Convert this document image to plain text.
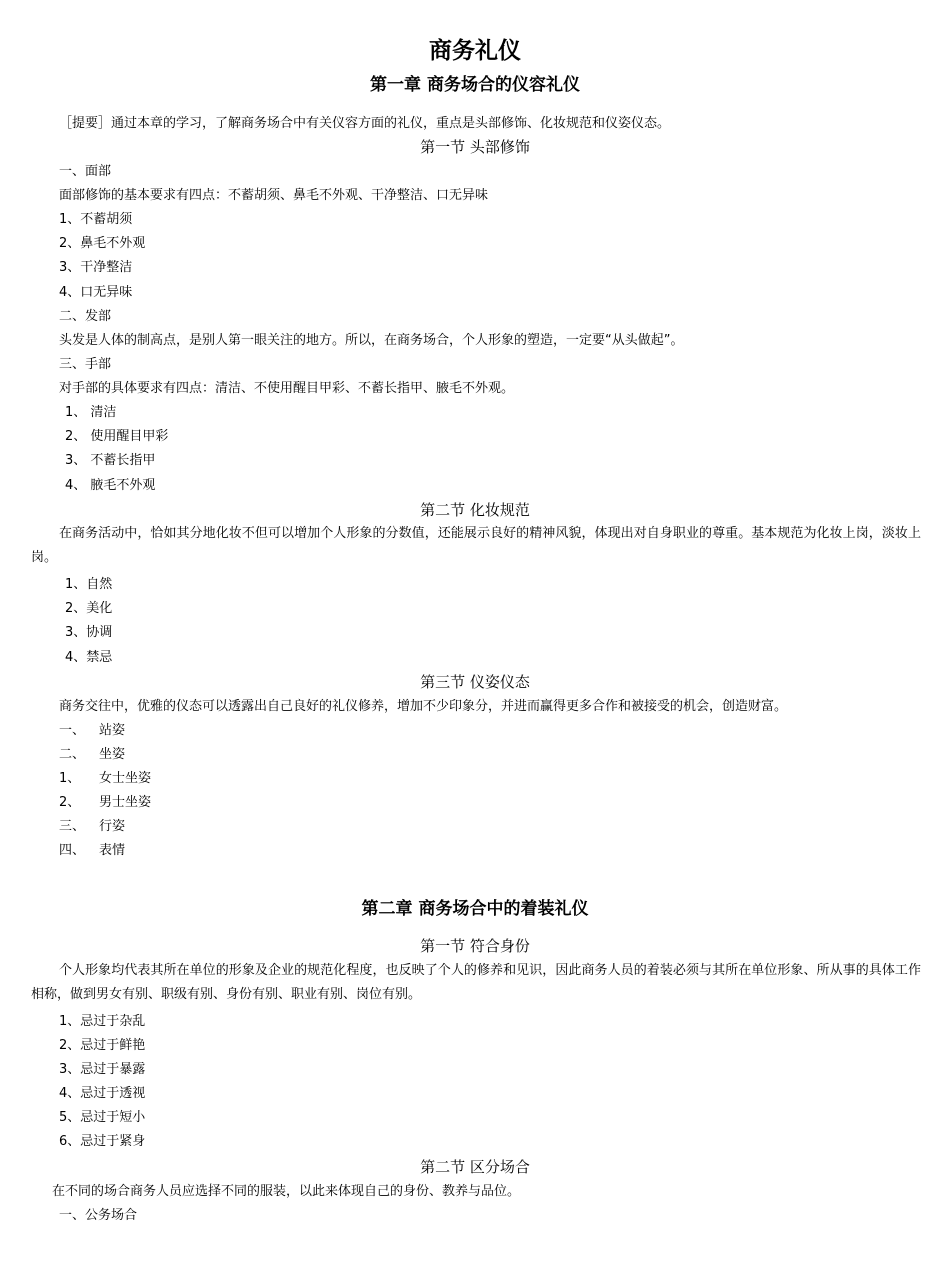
商务礼仪
第一章 商务场合的仪容礼仪
［提要］通过本章的学习，了解商务场合中有关仪容方面的礼仪，重点是头部修饰、化妆规范和仪姿仪态。
第一节 头部修饰
一、面部
面部修饰的基本要求有四点：不蓄胡须、鼻毛不外观、干净整洁、口无异味
1、不蓄胡须
2、鼻毛不外观
3、干净整洁
4、口无异味
二、发部
头发是人体的制高点，是别人第一眼关注的地方。所以，在商务场合，个人形象的塑造，一定要“从头做起”。
三、手部
对手部的具体要求有四点：清洁、不使用醒目甲彩、不蓄长指甲、腋毛不外观。
1、 清洁
2、 使用醒目甲彩
3、 不蓄长指甲
4、 腋毛不外观
第二节 化妆规范
在商务活动中，恰如其分地化妆不但可以增加个人形象的分数值，还能展示良好的精神风貌，体现出对自身职业的尊重。基本规范为化妆上岗，淡妆上岗。
1、自然
2、美化
3、协调
4、禁忌
第三节 仪姿仪态
商务交往中，优雅的仪态可以透露出自己良好的礼仪修养，增加不少印象分，并进而赢得更多合作和被接受的机会，创造财富。
一、 站姿
二、 坐姿
1、 女士坐姿
2、 男士坐姿
三、 行姿
四、 表情
第二章 商务场合中的着装礼仪
第一节 符合身份
个人形象均代表其所在单位的形象及企业的规范化程度，也反映了个人的修养和见识，因此商务人员的着装必须与其所在单位形象、所从事的具体工作相称，做到男女有别、职级有别、身份有别、职业有别、岗位有别。
1、忌过于杂乱
2、忌过于鲜艳
3、忌过于暴露
4、忌过于透视
5、忌过于短小
6、忌过于紧身
第二节 区分场合
在不同的场合商务人员应选择不同的服装，以此来体现自己的身份、教养与品位。
一、公务场合
